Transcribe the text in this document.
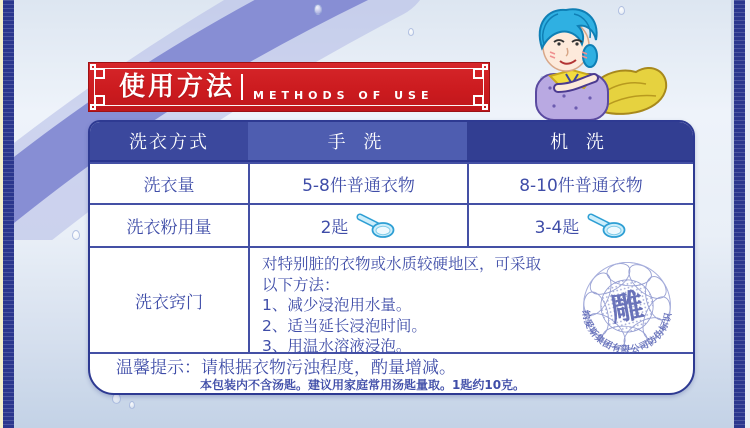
使用方法 METHODS OF USE
洗衣方式	手 洗	机 洗
洗衣量	5-8件普通衣物	8-10件普通衣物
洗衣粉用量	2匙	3-4匙
洗衣窍门
对特别脏的衣物或水质较硬地区，可采取
以下方法：
1、减少浸泡用水量。
2、适当延长浸泡时间。
3、用温水溶液浸泡。
雕
纳爱斯集团有限公司防伪标识
温馨提示：请根据衣物污浊程度，酌量增减。
本包装内不含汤匙。建议用家庭常用汤匙量取。1匙约10克。
